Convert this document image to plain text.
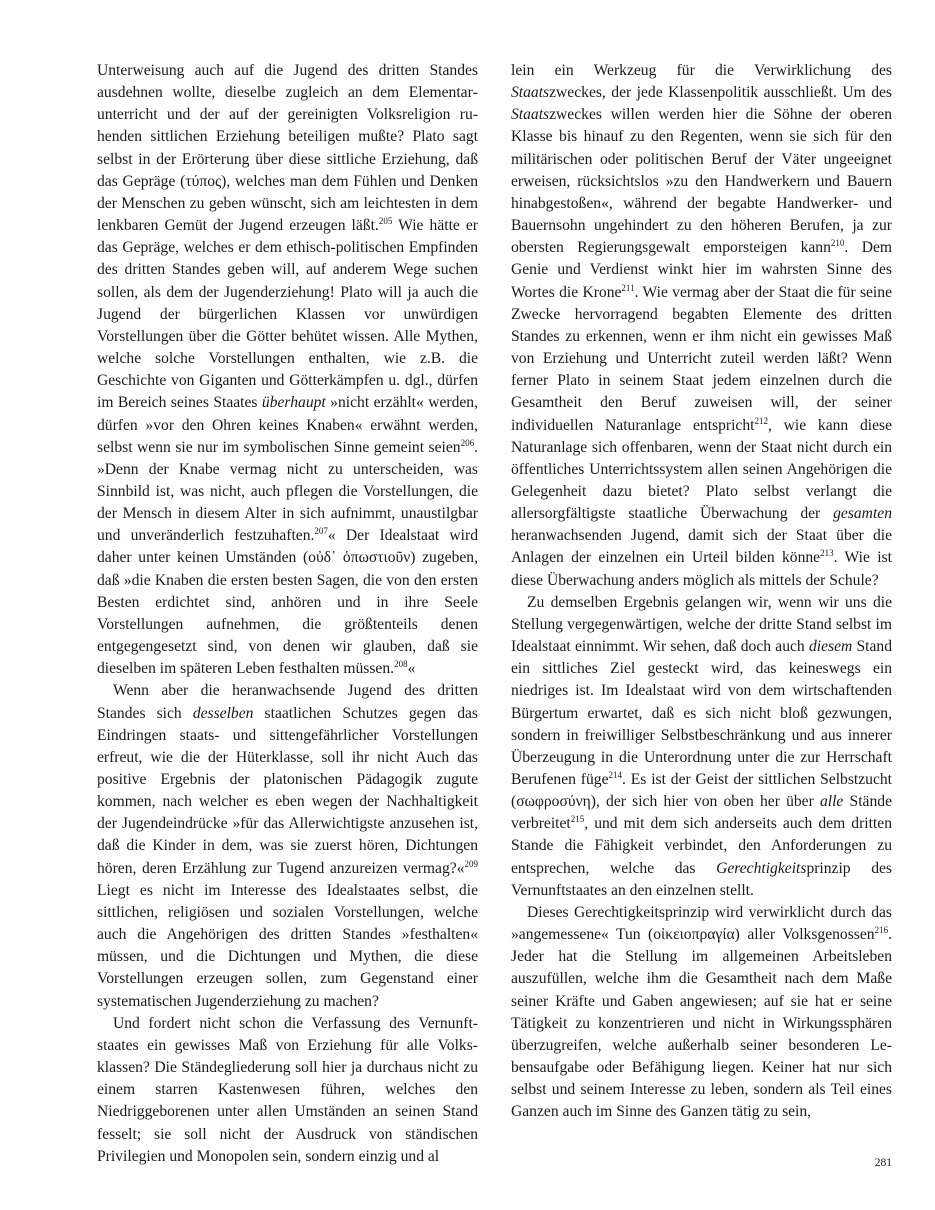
Unterweisung auch auf die Jugend des dritten Standes ausdehnen wollte, dieselbe zugleich an dem Elementarunterricht und der auf der gereinigten Volksreligion ruhenden sittlichen Erziehung beteiligen mußte? Plato sagt selbst in der Erörterung über diese sittliche Erziehung, daß das Gepräge (τύπος), welches man dem Fühlen und Denken der Menschen zu geben wünscht, sich am leichtesten in dem lenkbaren Gemüt der Jugend erzeugen läßt.$^{205}$ Wie hätte er das Gepräge, welches er dem ethisch-politischen Empfinden des dritten Standes geben will, auf anderem Wege suchen sollen, als dem der Jugenderziehung! Plato will ja auch die Jugend der bürgerlichen Klassen vor unwürdigen Vorstellungen über die Götter behütet wissen. Alle Mythen, welche solche Vorstellungen enthalten, wie z.B. die Geschichte von Giganten und Götterkämpfen u. dgl., dürfen im Bereich seines Staates überhaupt »nicht erzählt« werden, dürfen »vor den Ohren keines Knaben« erwähnt werden, selbst wenn sie nur im symbolischen Sinne gemeint seien$^{206}$. »Denn der Knabe vermag nicht zu unterscheiden, was Sinnbild ist, was nicht, auch pflegen die Vorstellungen, die der Mensch in diesem Alter in sich aufnimmt, unaustilgbar und unveränderlich festzuhaften.$^{207}$« Der Idealstaat wird daher unter keinen Umständen (οὐδ᾽ ὁπωστιοῦν) zugeben, daß »die Knaben die ersten besten Sagen, die von den ersten Besten erdichtet sind, anhören und in ihre Seele Vorstellungen aufnehmen, die größtenteils denen entgegengesetzt sind, von denen wir glauben, daß sie dieselben im späteren Leben festhalten müssen.$^{208}$«

Wenn aber die heranwachsende Jugend des dritten Standes sich desselben staatlichen Schutzes gegen das Eindringen staats- und sittengefährlicher Vorstellungen erfreut, wie die der Hüterklasse, soll ihr nicht Auch das positive Ergebnis der platonischen Pädagogik zugute kommen, nach welcher es eben wegen der Nachhaltigkeit der Jugendeindrücke »für das Allerwichtigste anzusehen ist, daß die Kinder in dem, was sie zuerst hören, Dichtungen hören, deren Erzählung zur Tugend anzureizen vermag?«$^{209}$ Liegt es nicht im Interesse des Idealstaates selbst, die sittlichen, religiösen und sozialen Vorstellungen, welche auch die Angehörigen des dritten Standes »festhalten« müssen, und die Dichtungen und Mythen, die diese Vorstellungen erzeugen sollen, zum Gegenstand einer systematischen Jugenderziehung zu machen?

Und fordert nicht schon die Verfassung des Vernunftstaates ein gewisses Maß von Erziehung für alle Volksklassen? Die Ständegliederung soll hier ja durchaus nicht zu einem starren Kastenwesen führen, welches den Niedriggeborenen unter allen Umständen an seinen Stand fesselt; sie soll nicht der Ausdruck von ständischen Privilegien und Monopolen sein, sondern einzig und al

lein ein Werkzeug für die Verwirklichung des Staatszweckes, der jede Klassenpolitik ausschließt. Um des Staatszweckes willen werden hier die Söhne der oberen Klasse bis hinauf zu den Regenten, wenn sie sich für den militärischen oder politischen Beruf der Väter ungeeignet erweisen, rücksichtslos »zu den Handwerkern und Bauern hinabgestoßen«, während der begabte Handwerker- und Bauernsohn ungehindert zu den höheren Berufen, ja zur obersten Regierungsgewalt emporsteigen kann$^{210}$. Dem Genie und Verdienst winkt hier im wahrsten Sinne des Wortes die Krone$^{211}$. Wie vermag aber der Staat die für seine Zwecke hervorragend begabten Elemente des dritten Standes zu erkennen, wenn er ihm nicht ein gewisses Maß von Erziehung und Unterricht zuteil werden läßt? Wenn ferner Plato in seinem Staat jedem einzelnen durch die Gesamtheit den Beruf zuweisen will, der seiner individuellen Naturanlage entspricht$^{212}$, wie kann diese Naturanlage sich offenbaren, wenn der Staat nicht durch ein öffentliches Unterrichtssystem allen seinen Angehörigen die Gelegenheit dazu bietet? Plato selbst verlangt die allersorgfältigste staatliche Überwachung der gesamten heranwachsenden Jugend, damit sich der Staat über die Anlagen der einzelnen ein Urteil bilden könne$^{213}$. Wie ist diese Überwachung anders möglich als mittels der Schule?

Zu demselben Ergebnis gelangen wir, wenn wir uns die Stellung vergegenwärtigen, welche der dritte Stand selbst im Idealstaat einnimmt. Wir sehen, daß doch auch diesem Stand ein sittliches Ziel gesteckt wird, das keineswegs ein niedriges ist. Im Idealstaat wird von dem wirtschaftenden Bürgertum erwartet, daß es sich nicht bloß gezwungen, sondern in freiwilliger Selbstbeschränkung und aus innerer Überzeugung in die Unterordnung unter die zur Herrschaft Berufenen füge$^{214}$. Es ist der Geist der sittlichen Selbstzucht (σωφροσύνη), der sich hier von oben her über alle Stände verbreitet$^{215}$, und mit dem sich anderseits auch dem dritten Stande die Fähigkeit verbindet, den Anforderungen zu entsprechen, welche das Gerechtigkeitsprinzip des Vernunftstaates an den einzelnen stellt.

Dieses Gerechtigkeitsprinzip wird verwirklicht durch das »angemessene« Tun (οἰκειοπραγία) aller Volksgenossen$^{216}$. Jeder hat die Stellung im allgemeinen Arbeitsleben auszufüllen, welche ihm die Gesamtheit nach dem Maße seiner Kräfte und Gaben angewiesen; auf sie hat er seine Tätigkeit zu konzentrieren und nicht in Wirkungssphären überzugreifen, welche außerhalb seiner besonderen Lebensaufgabe oder Befähigung liegen. Keiner hat nur sich selbst und seinem Interesse zu leben, sondern als Teil eines Ganzen auch im Sinne des Ganzen tätig zu sein,

281
